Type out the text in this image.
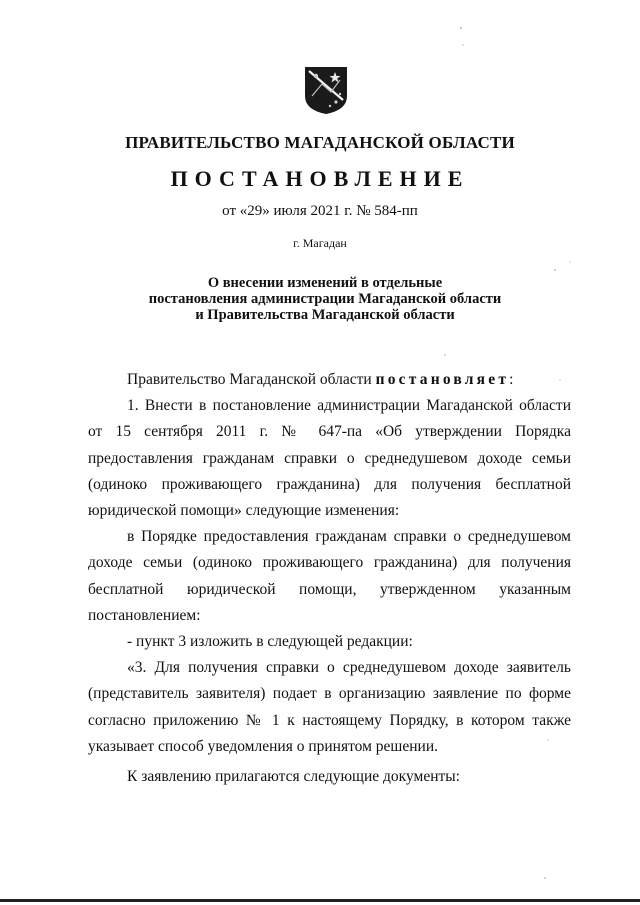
ПРАВИТЕЛЬСТВО МАГАДАНСКОЙ ОБЛАСТИ
ПОСТАНОВЛЕНИЕ
от «29» июля 2021 г. № 584-пп
г. Магадан
О внесении изменений в отдельные
постановления администрации Магаданской области
и Правительства Магаданской области

Правительство Магаданской области постановляет:

1. Внести в постановление администрации Магаданской области от 15 сентября 2011 г. № 647-па «Об утверждении Порядка предоставления гражданам справки о среднедушевом доходе семьи (одиноко проживающего гражданина) для получения бесплатной юридической помощи» следующие изменения:

в Порядке предоставления гражданам справки о среднедушевом доходе семьи (одиноко проживающего гражданина) для получения бесплатной юридической помощи, утвержденном указанным постановлением:

- пункт 3 изложить в следующей редакции:

«3. Для получения справки о среднедушевом доходе заявитель (представитель заявителя) подает в организацию заявление по форме согласно приложению № 1 к настоящему Порядку, в котором также указывает способ уведомления о принятом решении.

К заявлению прилагаются следующие документы:
